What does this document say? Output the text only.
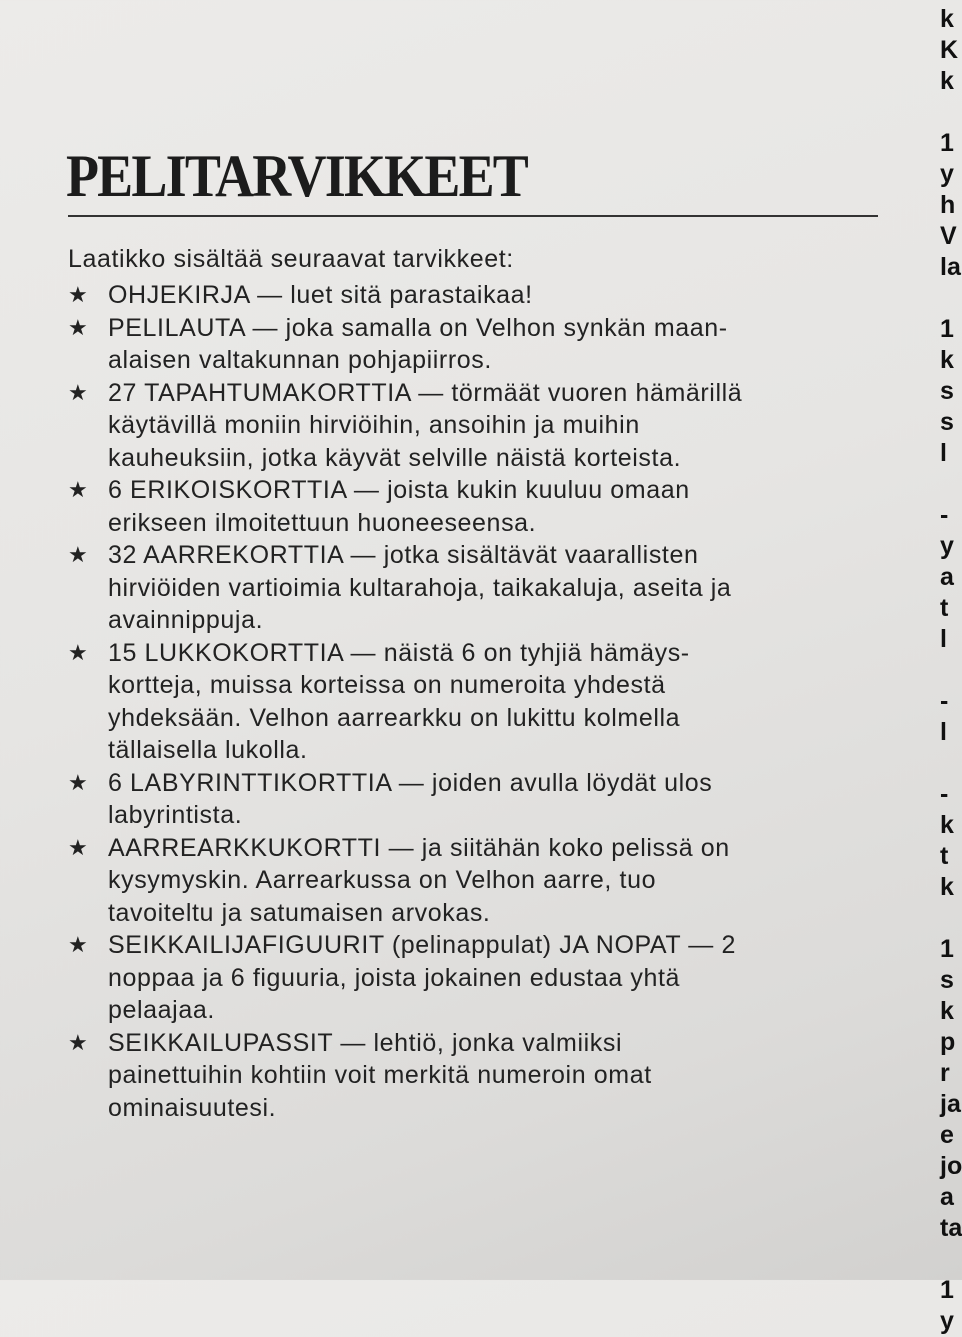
PELITARVIKKEET
Laatikko sisältää seuraavat tarvikkeet:
★ OHJEKIRJA — luet sitä parastaikaa!
★ PELILAUTA — joka samalla on Velhon synkän maan-
alaisen valtakunnan pohjapiirros.
★ 27 TAPAHTUMAKORTTIA — törmäät vuoren hämärillä
käytävillä moniin hirviöihin, ansoihin ja muihin
kauheuksiin, jotka käyvät selville näistä korteista.
★ 6 ERIKOISKORTTIA — joista kukin kuuluu omaan
erikseen ilmoitettuun huoneeseensa.
★ 32 AARREKORTTIA — jotka sisältävät vaarallisten
hirviöiden vartioimia kultarahoja, taikakaluja, aseita ja
avainnippuja.
★ 15 LUKKOKORTTIA — näistä 6 on tyhjiä hämäys-
kortteja, muissa korteissa on numeroita yhdestä
yhdeksään. Velhon aarrearkku on lukittu kolmella
tällaisella lukolla.
★ 6 LABYRINTTIKORTTIA — joiden avulla löydät ulos
labyrintista.
★ AARREARKKUKORTTI — ja siitähän koko pelissä on
kysymyskin. Aarrearkussa on Velhon aarre, tuo
tavoiteltu ja satumaisen arvokas.
★ SEIKKAILIJAFIGUURIT (pelinappulat) JA NOPAT — 2
noppaa ja 6 figuuria, joista jokainen edustaa yhtä
pelaajaa.
★ SEIKKAILUPASSIT — lehtiö, jonka valmiiksi
painettuihin kohtiin voit merkitä numeroin omat
ominaisuutesi.
k
K
k
1
y
h
V
la
1
k
s
s
l
-
y
a
t
l
-
l
-
k
t
k
1
s
k
p
r
ja
e
jo
a
ta
1
y
